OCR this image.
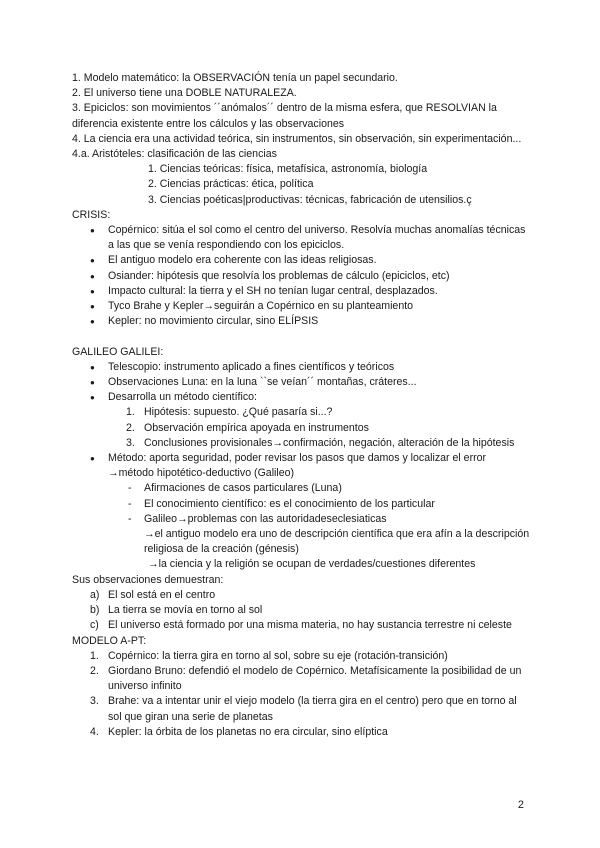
1. Modelo matemático: la OBSERVACIÓN tenía un papel secundario.

2. El universo tiene una DOBLE NATURALEZA.

3. Epiciclos: son movimientos ´´anómalos´´ dentro de la misma esfera, que RESOLVIAN la diferencia existente entre los cálculos y las observaciones

4. La ciencia era una actividad teórica, sin instrumentos, sin observación, sin experimentación...

4.a. Aristóteles: clasificación de las ciencias

1. Ciencias teóricas: física, metafísica, astronomía, biología

2. Ciencias prácticas: ética, política

3. Ciencias poéticas|productivas: técnicas, fabricación de utensilios.ç

CRISIS:

● Copérnico: sitúa el sol como el centro del universo. Resolvía muchas anomalías técnicas a las que se venía respondiendo con los epiciclos.
● El antiguo modelo era coherente con las ideas religiosas.
● Osiander: hipótesis que resolvía los problemas de cálculo (epiciclos, etc)
● Impacto cultural: la tierra y el SH no tenían lugar central, desplazados.
● Tyco Brahe y Kepler→seguirán a Copérnico en su planteamiento
● Kepler: no movimiento circular, sino ELÍPSIS

GALILEO GALILEI:

● Telescopio: instrumento aplicado a fines científicos y teóricos
● Observaciones Luna: en la luna ``se veían´´ montañas, cráteres...
● Desarrolla un método científico:
1. Hipótesis: supuesto. ¿Qué pasaría si...?
2. Observación empírica apoyada en instrumentos
3. Conclusiones provisionales→confirmación, negación, alteración de la hipótesis
● Método: aporta seguridad, poder revisar los pasos que damos y localizar el error →método hipotético-deductivo (Galileo)
- Afirmaciones de casos particulares (Luna)
- El conocimiento científico: es el conocimiento de los particular
- Galileo→problemas con las autoridadeseclesiaticas

→el antiguo modelo era uno de descripción científica que era afín a la descripción religiosa de la creación (génesis)

→la ciencia y la religión se ocupan de verdades/cuestiones diferentes

Sus observaciones demuestran:

a) El sol está en el centro
b) La tierra se movía en torno al sol
c) El universo está formado por una misma materia, no hay sustancia terrestre ni celeste

MODELO A-PT:

1. Copérnico: la tierra gira en torno al sol, sobre su eje (rotación-transición)
2. Giordano Bruno: defendió el modelo de Copérnico. Metafísicamente la posibilidad de un universo infinito
3. Brahe: va a intentar unir el viejo modelo (la tierra gira en el centro) pero que en torno al sol que giran una serie de planetas
4. Kepler: la órbita de los planetas no era circular, sino elíptica
2
